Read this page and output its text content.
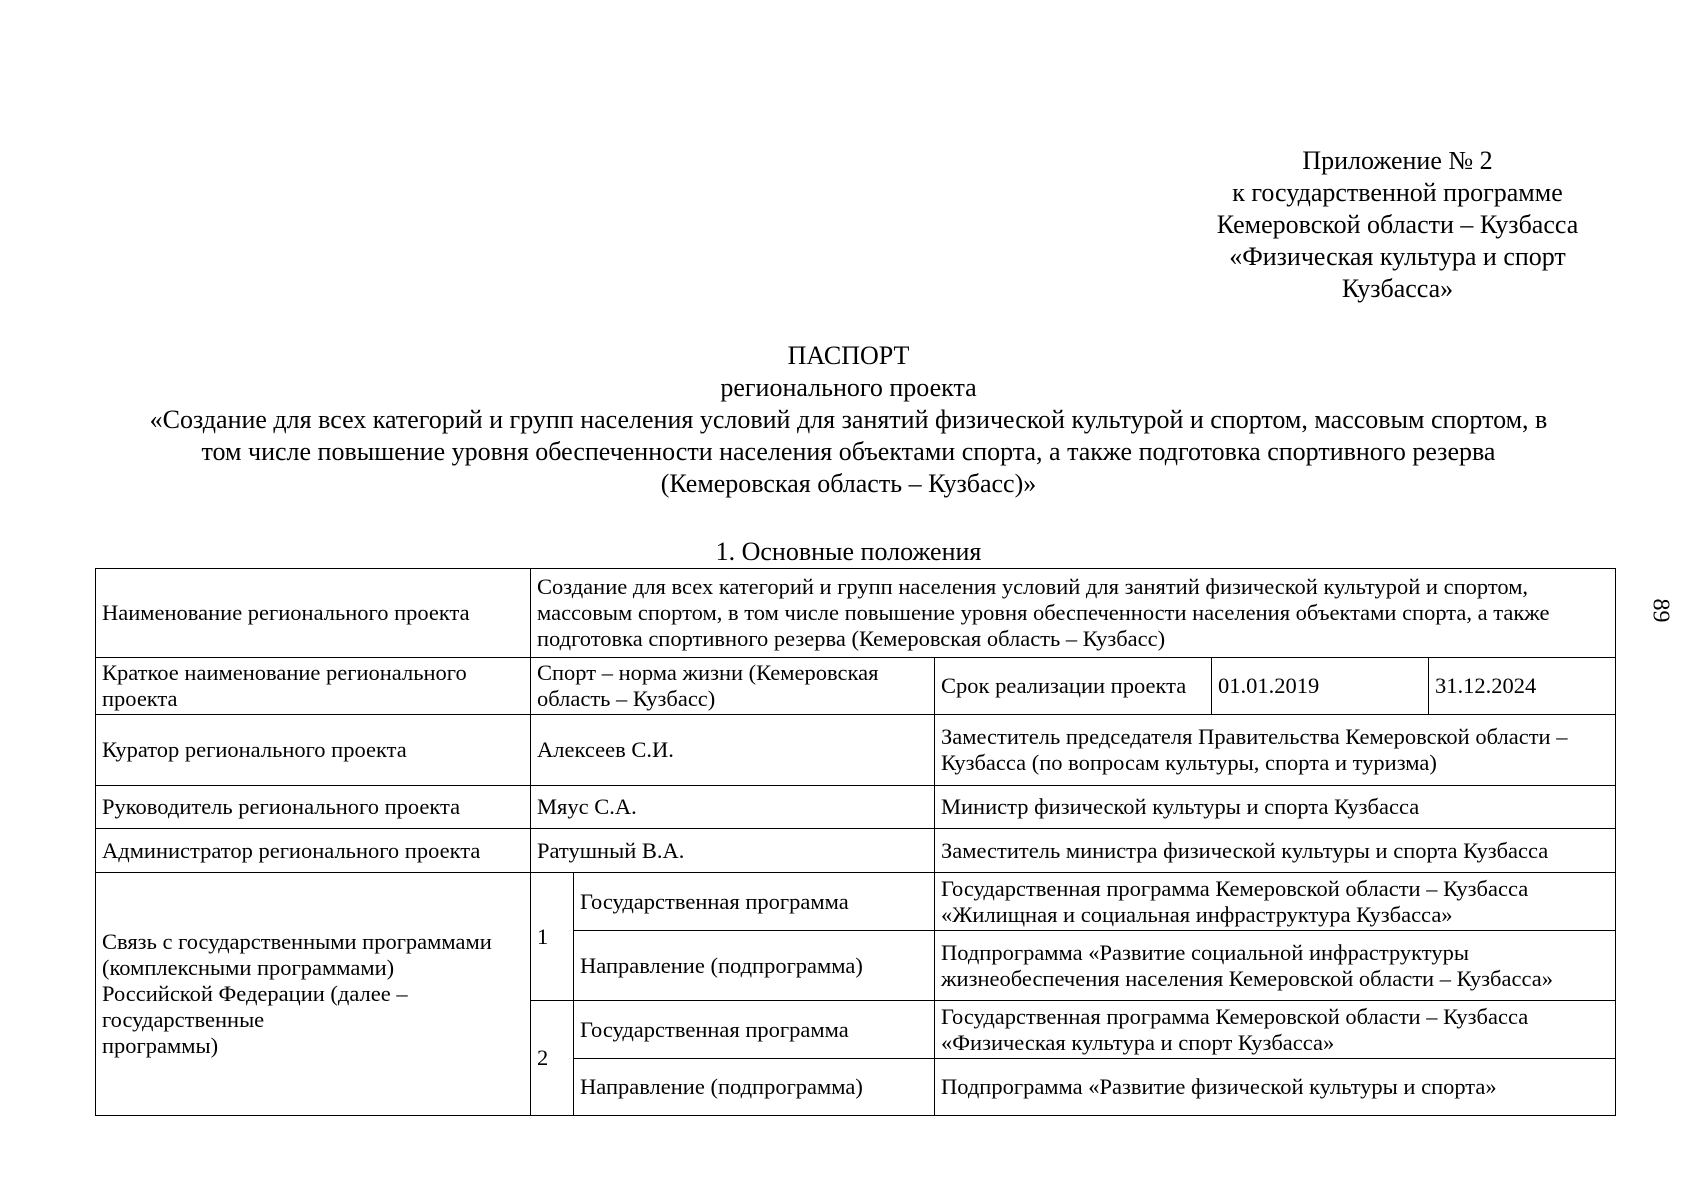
Приложение № 2
к государственной программе
Кемеровской области – Кузбасса
«Физическая культура и спорт
Кузбасса»
89
ПАСПОРТ
регионального проекта
«Создание для всех категорий и групп населения условий для занятий физической культурой и спортом, массовым спортом, в
том числе повышение уровня обеспеченности населения объектами спорта, а также подготовка спортивного резерва
(Кемеровская область – Кузбасс)»
1. Основные положения
Наименование регионального проекта	Создание для всех категорий и групп населения условий для занятий физической культурой и спортом, массовым спортом, в том числе повышение уровня обеспеченности населения объектами спорта, а также подготовка спортивного резерва (Кемеровская область – Кузбасс)				
Краткое наименование регионального проекта	Спорт – норма жизни (Кемеровская область – Кузбасс)		Срок реализации проекта	01.01.2019	31.12.2024
Куратор регионального проекта	Алексеев С.И.		Заместитель председателя Правительства Кемеровской области – Кузбасса (по вопросам культуры, спорта и туризма)		
Руководитель регионального проекта	Мяус С.А.		Министр физической культуры и спорта Кузбасса		
Администратор регионального проекта	Ратушный В.А.		Заместитель министра физической культуры и спорта Кузбасса		

Связь с государственными программами
(комплексными программами)
Российской Федерации (далее –
государственные
программы)	1	Государственная программа	Государственная программа Кемеровской области – Кузбасса «Жилищная и социальная инфраструктура Кузбасса»		
		Направление (подпрограмма)	Подпрограмма «Развитие социальной инфраструктуры жизнеобеспечения населения Кемеровской области – Кузбасса»		
	2	Государственная программа	Государственная программа Кемеровской области – Кузбасса «Физическая культура и спорт Кузбасса»		
		Направление (подпрограмма)	Подпрограмма «Развитие физической культуры и спорта»		
